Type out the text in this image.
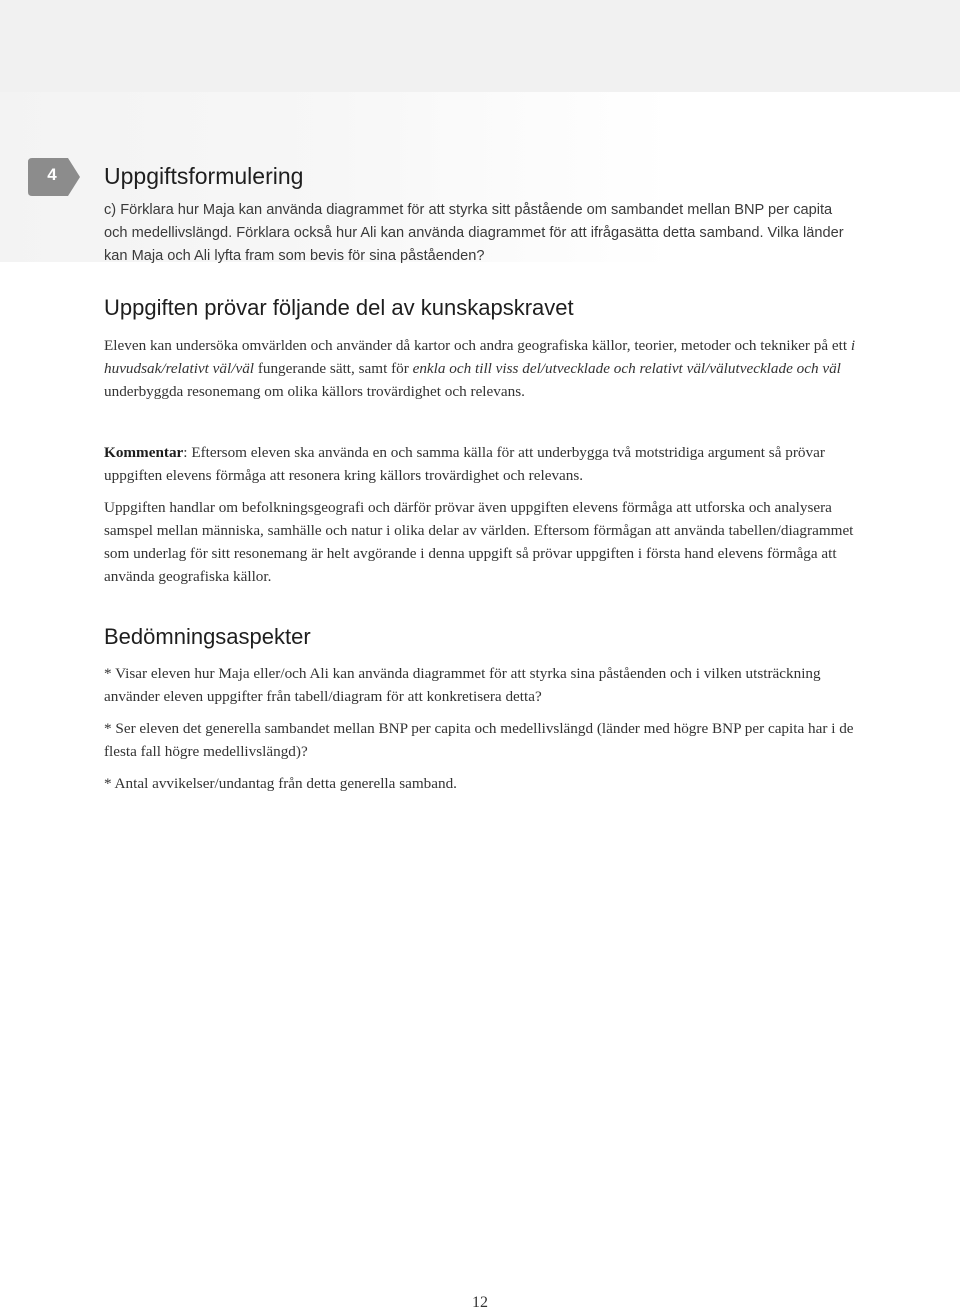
4 Uppgiftsformulering

c) Förklara hur Maja kan använda diagrammet för att styrka sitt påstående om sambandet mellan BNP per capita och medellivslängd. Förklara också hur Ali kan använda diagrammet för att ifrågasätta detta samband. Vilka länder kan Maja och Ali lyfta fram som bevis för sina påståenden?

Uppgiften prövar följande del av kunskapskravet

Eleven kan undersöka omvärlden och använder då kartor och andra geografiska källor, teorier, metoder och tekniker på ett i huvudsak/relativt väl/väl fungerande sätt, samt för enkla och till viss del/utvecklade och relativt väl/välutvecklade och väl underbyggda resonemang om olika källors trovärdighet och relevans.

Kommentar: Eftersom eleven ska använda en och samma källa för att underbygga två motstridiga argument så prövar uppgiften elevens förmåga att resonera kring källors trovärdighet och relevans.

Uppgiften handlar om befolkningsgeografi och därför prövar även uppgiften elevens förmåga att utforska och analysera samspel mellan människa, samhälle och natur i olika delar av världen. Eftersom förmågan att använda tabellen/diagrammet som underlag för sitt resonemang är helt avgörande i denna uppgift så prövar uppgiften i första hand elevens förmåga att använda geografiska källor.

Bedömningsaspekter

* Visar eleven hur Maja eller/och Ali kan använda diagrammet för att styrka sina påståenden och i vilken utsträckning använder eleven uppgifter från tabell/diagram för att konkretisera detta?

* Ser eleven det generella sambandet mellan BNP per capita och medellivslängd (länder med högre BNP per capita har i de flesta fall högre medellivslängd)?

* Antal avvikelser/undantag från detta generella samband.

12
